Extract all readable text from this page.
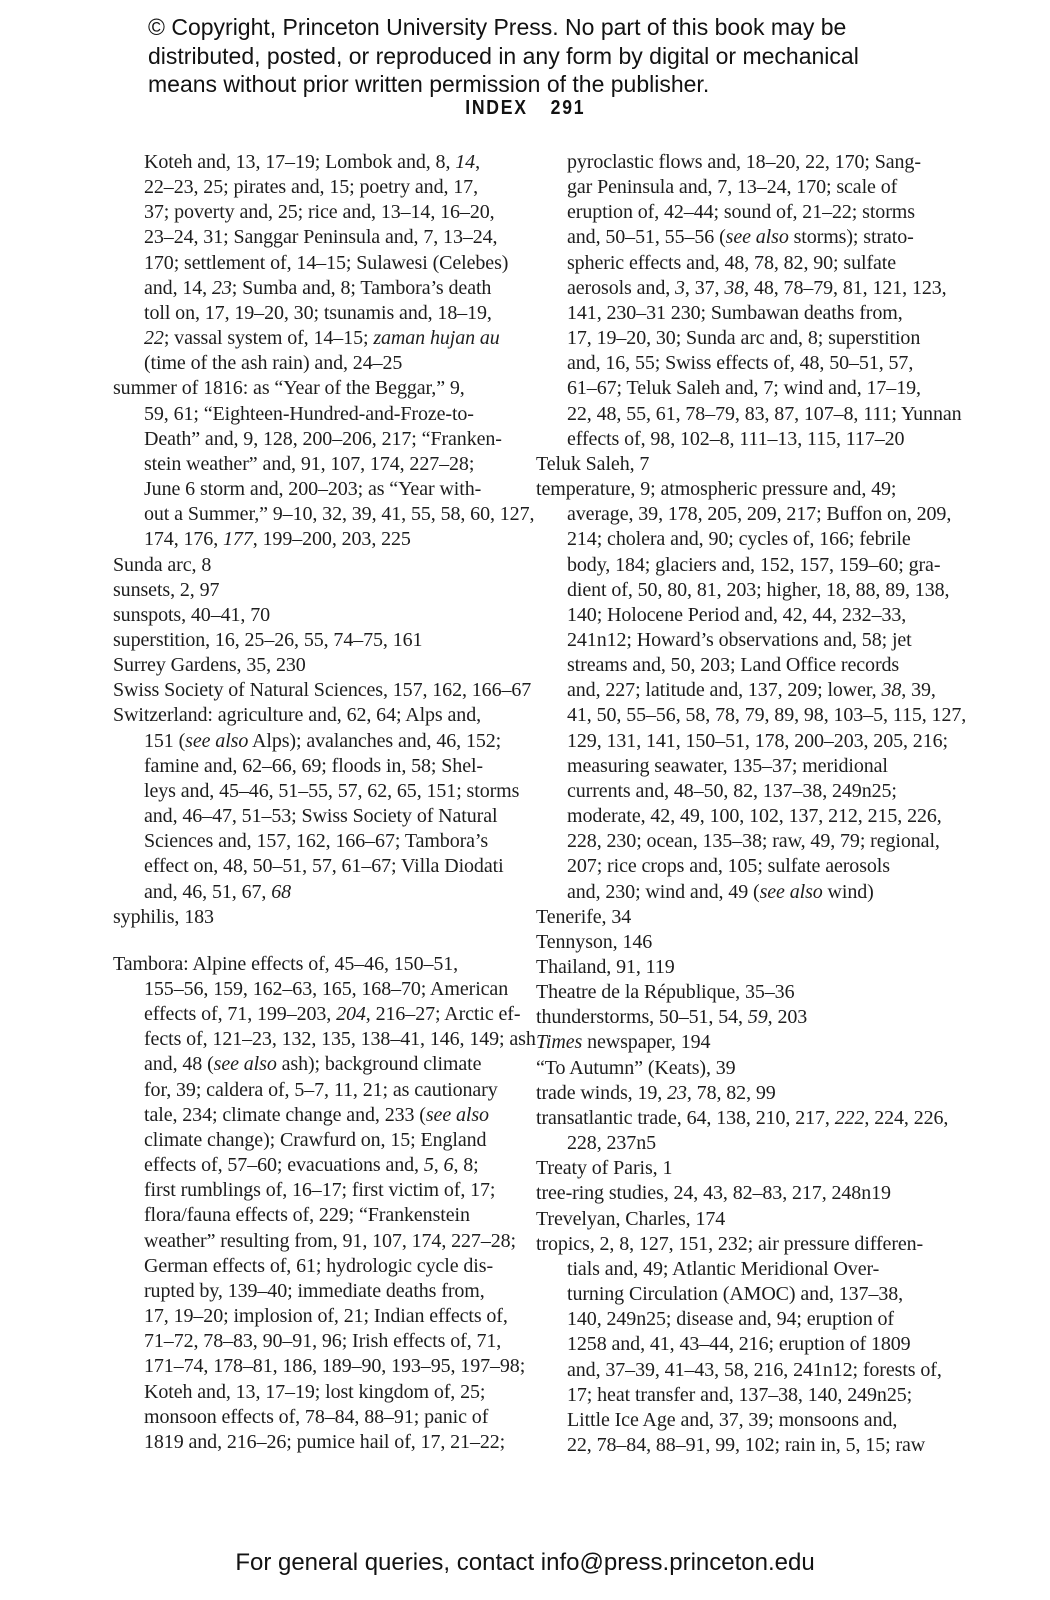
© Copyright, Princeton University Press. No part of this book may be
distributed, posted, or reproduced in any form by digital or mechanical
means without prior written permission of the publisher.
INDEX 291
Koteh and, 13, 17–19; Lombok and, 8, 14,
22–23, 25; pirates and, 15; poetry and, 17,
37; poverty and, 25; rice and, 13–14, 16–20,
23–24, 31; Sanggar Peninsula and, 7, 13–24,
170; settlement of, 14–15; Sulawesi (Celebes)
and, 14, 23; Sumba and, 8; Tambora’s death
toll on, 17, 19–20, 30; tsunamis and, 18–19,
22; vassal system of, 14–15; zaman hujan au
(time of the ash rain) and, 24–25
summer of 1816: as “Year of the Beggar,” 9,
59, 61; “Eighteen-Hundred-and-Froze-to-
Death” and, 9, 128, 200–206, 217; “Franken-
stein weather” and, 91, 107, 174, 227–28;
June 6 storm and, 200–203; as “Year with-
out a Summer,” 9–10, 32, 39, 41, 55, 58, 60, 127,
174, 176, 177, 199–200, 203, 225
Sunda arc, 8
sunsets, 2, 97
sunspots, 40–41, 70
superstition, 16, 25–26, 55, 74–75, 161
Surrey Gardens, 35, 230
Swiss Society of Natural Sciences, 157, 162, 166–67
Switzerland: agriculture and, 62, 64; Alps and,
151 (see also Alps); avalanches and, 46, 152;
famine and, 62–66, 69; floods in, 58; Shel-
leys and, 45–46, 51–55, 57, 62, 65, 151; storms
and, 46–47, 51–53; Swiss Society of Natural
Sciences and, 157, 162, 166–67; Tambora’s
effect on, 48, 50–51, 57, 61–67; Villa Diodati
and, 46, 51, 67, 68
syphilis, 183
Tambora: Alpine effects of, 45–46, 150–51,
155–56, 159, 162–63, 165, 168–70; American
effects of, 71, 199–203, 204, 216–27; Arctic ef-
fects of, 121–23, 132, 135, 138–41, 146, 149; ash
and, 48 (see also ash); background climate
for, 39; caldera of, 5–7, 11, 21; as cautionary
tale, 234; climate change and, 233 (see also
climate change); Crawfurd on, 15; England
effects of, 57–60; evacuations and, 5, 6, 8;
first rumblings of, 16–17; first victim of, 17;
flora/fauna effects of, 229; “Frankenstein
weather” resulting from, 91, 107, 174, 227–28;
German effects of, 61; hydrologic cycle dis-
rupted by, 139–40; immediate deaths from,
17, 19–20; implosion of, 21; Indian effects of,
71–72, 78–83, 90–91, 96; Irish effects of, 71,
171–74, 178–81, 186, 189–90, 193–95, 197–98;
Koteh and, 13, 17–19; lost kingdom of, 25;
monsoon effects of, 78–84, 88–91; panic of
1819 and, 216–26; pumice hail of, 17, 21–22;
pyroclastic flows and, 18–20, 22, 170; Sang-
gar Peninsula and, 7, 13–24, 170; scale of
eruption of, 42–44; sound of, 21–22; storms
and, 50–51, 55–56 (see also storms); strato-
spheric effects and, 48, 78, 82, 90; sulfate
aerosols and, 3, 37, 38, 48, 78–79, 81, 121, 123,
141, 230–31 230; Sumbawan deaths from,
17, 19–20, 30; Sunda arc and, 8; superstition
and, 16, 55; Swiss effects of, 48, 50–51, 57,
61–67; Teluk Saleh and, 7; wind and, 17–19,
22, 48, 55, 61, 78–79, 83, 87, 107–8, 111; Yunnan
effects of, 98, 102–8, 111–13, 115, 117–20
Teluk Saleh, 7
temperature, 9; atmospheric pressure and, 49;
average, 39, 178, 205, 209, 217; Buffon on, 209,
214; cholera and, 90; cycles of, 166; febrile
body, 184; glaciers and, 152, 157, 159–60; gra-
dient of, 50, 80, 81, 203; higher, 18, 88, 89, 138,
140; Holocene Period and, 42, 44, 232–33,
241n12; Howard’s observations and, 58; jet
streams and, 50, 203; Land Office records
and, 227; latitude and, 137, 209; lower, 38, 39,
41, 50, 55–56, 58, 78, 79, 89, 98, 103–5, 115, 127,
129, 131, 141, 150–51, 178, 200–203, 205, 216;
measuring seawater, 135–37; meridional
currents and, 48–50, 82, 137–38, 249n25;
moderate, 42, 49, 100, 102, 137, 212, 215, 226,
228, 230; ocean, 135–38; raw, 49, 79; regional,
207; rice crops and, 105; sulfate aerosols
and, 230; wind and, 49 (see also wind)
Tenerife, 34
Tennyson, 146
Thailand, 91, 119
Theatre de la République, 35–36
thunderstorms, 50–51, 54, 59, 203
Times newspaper, 194
“To Autumn” (Keats), 39
trade winds, 19, 23, 78, 82, 99
transatlantic trade, 64, 138, 210, 217, 222, 224, 226,
228, 237n5
Treaty of Paris, 1
tree-ring studies, 24, 43, 82–83, 217, 248n19
Trevelyan, Charles, 174
tropics, 2, 8, 127, 151, 232; air pressure differen-
tials and, 49; Atlantic Meridional Over-
turning Circulation (AMOC) and, 137–38,
140, 249n25; disease and, 94; eruption of
1258 and, 41, 43–44, 216; eruption of 1809
and, 37–39, 41–43, 58, 216, 241n12; forests of,
17; heat transfer and, 137–38, 140, 249n25;
Little Ice Age and, 37, 39; monsoons and,
22, 78–84, 88–91, 99, 102; rain in, 5, 15; raw
For general queries, contact info@press.princeton.edu
